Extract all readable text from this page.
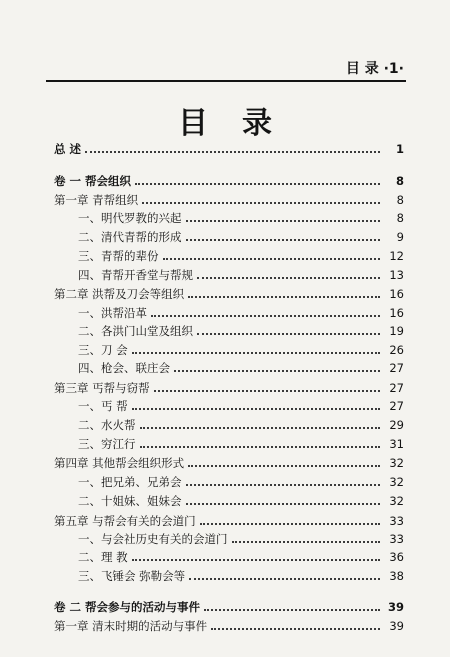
目 录 ·1·
目录
总 述	1
卷 一 帮会组织	8
第一章 青帮组织	8
一、明代罗教的兴起	8
二、清代青帮的形成	9
三、青帮的辈份	12
四、青帮开香堂与帮规	13
第二章 洪帮及刀会等组织	16
一、洪帮沿革	16
二、各洪门山堂及组织	19
三、刀 会	26
四、枪会、联庄会	27
第三章 丐帮与窃帮	27
一、丐 帮	27
二、水火帮	29
三、穷江行	31
第四章 其他帮会组织形式	32
一、把兄弟、兄弟会	32
二、十姐妹、姐妹会	32
第五章 与帮会有关的会道门	33
一、与会社历史有关的会道门	33
二、理 教	36
三、飞锤会 弥勒会等	38
卷 二 帮会参与的活动与事件	39
第一章 清末时期的活动与事件	39
